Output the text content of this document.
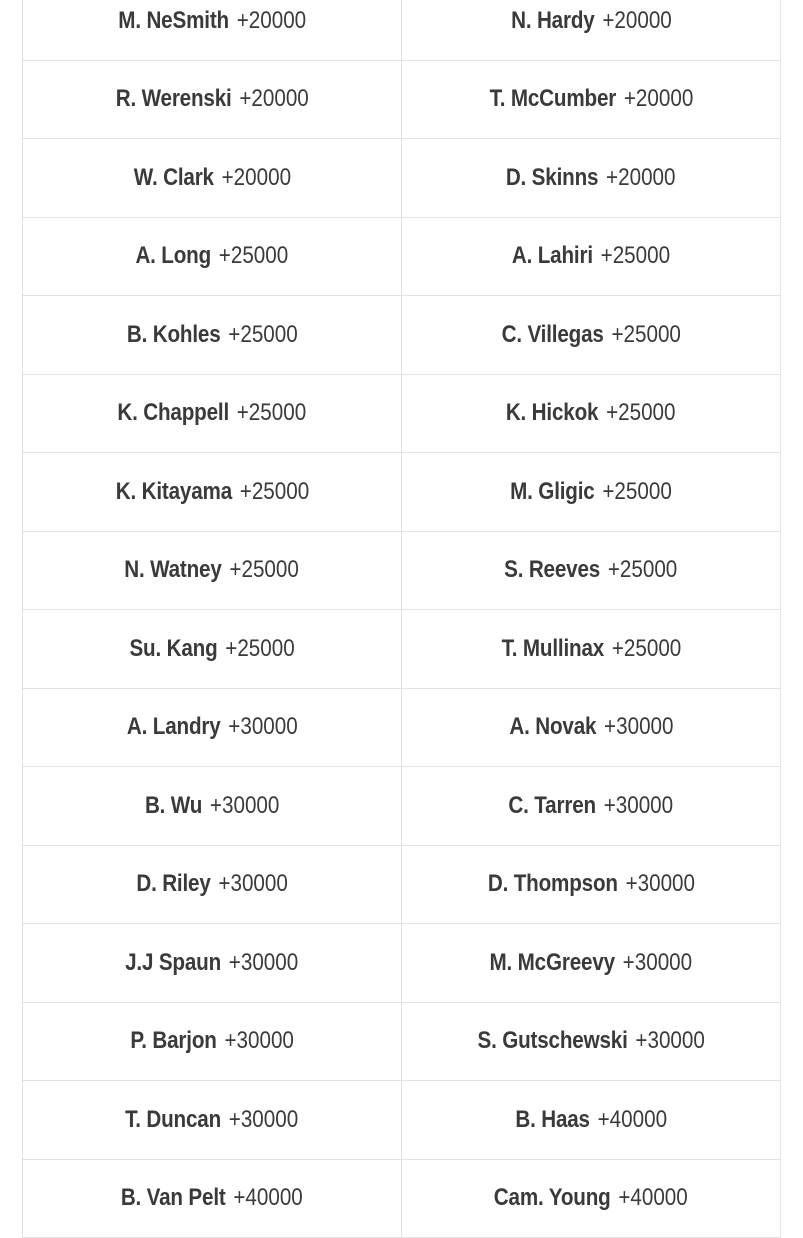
M. NeSmith +20000	N. Hardy +20000
R. Werenski +20000	T. McCumber +20000
W. Clark +20000	D. Skinns +20000
A. Long +25000	A. Lahiri +25000
B. Kohles +25000	C. Villegas +25000
K. Chappell +25000	K. Hickok +25000
K. Kitayama +25000	M. Gligic +25000
N. Watney +25000	S. Reeves +25000
Su. Kang +25000	T. Mullinax +25000
A. Landry +30000	A. Novak +30000
B. Wu +30000	C. Tarren +30000
D. Riley +30000	D. Thompson +30000
J.J Spaun +30000	M. McGreevy +30000
P. Barjon +30000	S. Gutschewski +30000
T. Duncan +30000	B. Haas +40000
B. Van Pelt +40000	Cam. Young +40000
